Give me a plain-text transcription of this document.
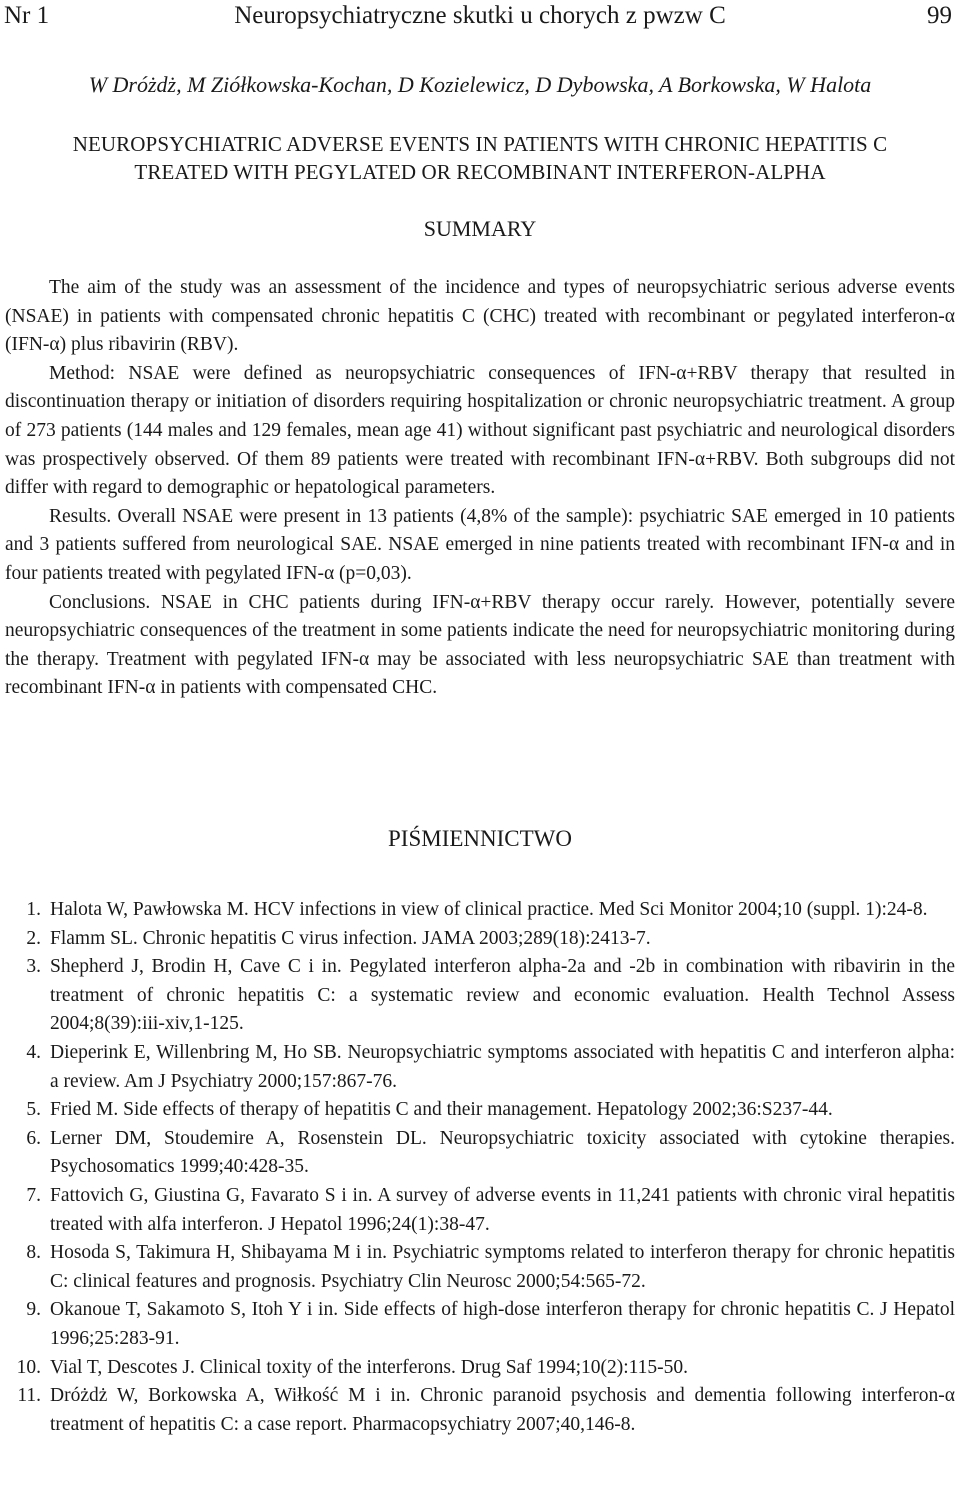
Nr 1	Neuropsychiatryczne skutki u chorych z pwzw C	99
W Dróżdż, M Ziółkowska-Kochan, D Kozielewicz, D Dybowska, A Borkowska, W Halota
NEUROPSYCHIATRIC ADVERSE EVENTS IN PATIENTS WITH CHRONIC HEPATITIS C
TREATED WITH PEGYLATED OR RECOMBINANT INTERFERON-ALPHA
SUMMARY

The aim of the study was an assessment of the incidence and types of neuropsychiatric serious adverse events (NSAE) in patients with compensated chronic hepatitis C (CHC) treated with recombinant or pegylated interferon-α (IFN-α) plus ribavirin (RBV).

Method: NSAE were defined as neuropsychiatric consequences of IFN-α+RBV therapy that resulted in discontinuation therapy or initiation of disorders requiring hospitalization or chronic neuropsychiatric treatment. A group of 273 patients (144 males and 129 females, mean age 41) without significant past psychiatric and neurological disorders was prospectively observed. Of them 89 patients were treated with recombinant IFN-α+RBV. Both subgroups did not differ with regard to demographic or hepatological parameters.

Results. Overall NSAE were present in 13 patients (4,8% of the sample): psychiatric SAE emerged in 10 patients and 3 patients suffered from neurological SAE. NSAE emerged in nine patients treated with recombinant IFN-α and in four patients treated with pegylated IFN-α (p=0,03).

Conclusions. NSAE in CHC patients during IFN-α+RBV therapy occur rarely. However, potentially severe neuropsychiatric consequences of the treatment in some patients indicate the need for neuropsychiatric monitoring during the therapy. Treatment with pegylated IFN-α may be associated with less neuropsychiatric SAE than treatment with recombinant IFN-α in patients with compensated CHC.

PIŚMIENNICTWO
1. Halota W, Pawłowska M. HCV infections in view of clinical practice. Med Sci Monitor 2004;10 (suppl. 1):24-8.
2. Flamm SL. Chronic hepatitis C virus infection. JAMA 2003;289(18):2413-7.
3. Shepherd J, Brodin H, Cave C i in. Pegylated interferon alpha-2a and -2b in combination with ribavirin in the treatment of chronic hepatitis C: a systematic review and economic evaluation. Health Technol Assess 2004;8(39):iii-xiv,1-125.
4. Dieperink E, Willenbring M, Ho SB. Neuropsychiatric symptoms associated with hepatitis C and interferon alpha: a review. Am J Psychiatry 2000;157:867-76.
5. Fried M. Side effects of therapy of hepatitis C and their management. Hepatology 2002;36:S237-44.
6. Lerner DM, Stoudemire A, Rosenstein DL. Neuropsychiatric toxicity associated with cytokine therapies. Psychosomatics 1999;40:428-35.
7. Fattovich G, Giustina G, Favarato S i in. A survey of adverse events in 11,241 patients with chronic viral hepatitis treated with alfa interferon. J Hepatol 1996;24(1):38-47.
8. Hosoda S, Takimura H, Shibayama M i in. Psychiatric symptoms related to interferon therapy for chronic hepatitis C: clinical features and prognosis. Psychiatry Clin Neurosc 2000;54:565-72.
9. Okanoue T, Sakamoto S, Itoh Y i in. Side effects of high-dose interferon therapy for chronic hepatitis C. J Hepatol 1996;25:283-91.
10. Vial T, Descotes J. Clinical toxity of the interferons. Drug Saf 1994;10(2):115-50.
11. Dróżdż W, Borkowska A, Wiłkość M i in. Chronic paranoid psychosis and dementia following interferon-α treatment of hepatitis C: a case report. Pharmacopsychiatry 2007;40,146-8.
